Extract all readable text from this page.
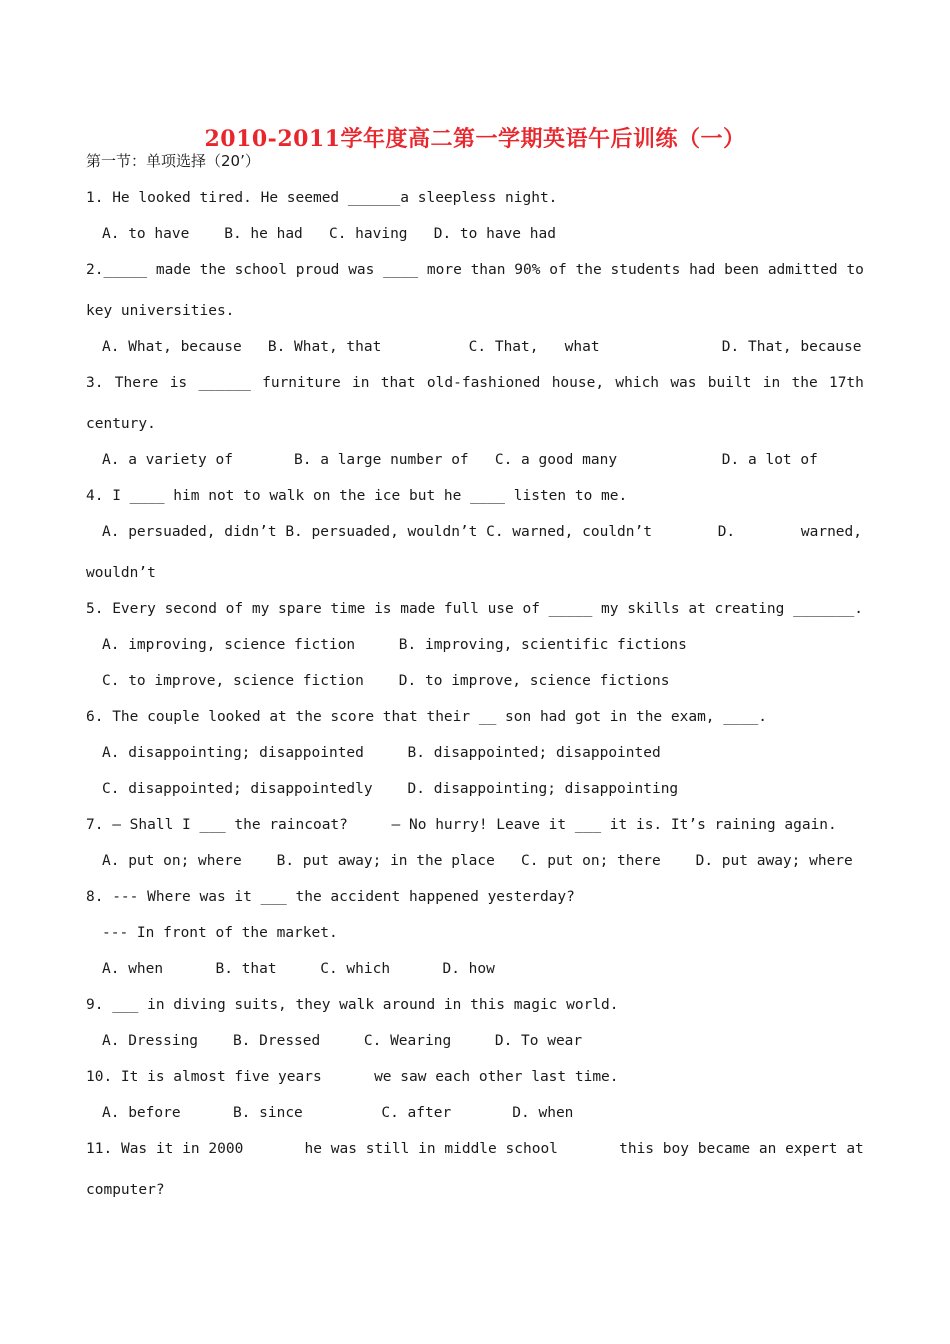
2010-2011学年度高二第一学期英语午后训练（一）
第一节：单项选择（20’）
1. He looked tired. He seemed ______a sleepless night.
A. to have    B. he had   C. having   D. to have had
2._____ made the school proud was ____ more than 90% of the students had been admitted to
key universities.
A. What, because   B. What, that          C. That,   what              D. That, because
3. There is ______ furniture in that old-fashioned house, which was built in the 17th
century.
A. a variety of       B. a large number of   C. a good many            D. a lot of
4. I ____ him not to walk on the ice but he ____ listen to me.
A. persuaded, didn’t B. persuaded, wouldn’t C. warned, couldn’t	D.	warned,
wouldn’t
5. Every second of my spare time is made full use of _____ my skills at creating _______.
A. improving, science fiction     B. improving, scientific fictions
C. to improve, science fiction    D. to improve, science fictions
6. The couple looked at the score that their __ son had got in the exam, ____.
A. disappointing; disappointed     B. disappointed; disappointed
C. disappointed; disappointedly    D. disappointing; disappointing
7. — Shall I ___ the raincoat?     — No hurry! Leave it ___ it is. It’s raining again.
A. put on; where    B. put away; in the place   C. put on; there    D. put away; where
8. --- Where was it ___ the accident happened yesterday?
--- In front of the market.
A. when      B. that     C. which      D. how
9. ___ in diving suits, they walk around in this magic world.
A. Dressing    B. Dressed     C. Wearing     D. To wear
10. It is almost five years      we saw each other last time.
A. before      B. since         C. after       D. when
11. Was it in 2000
	he was still in middle school
	this boy became an expert at
computer?
